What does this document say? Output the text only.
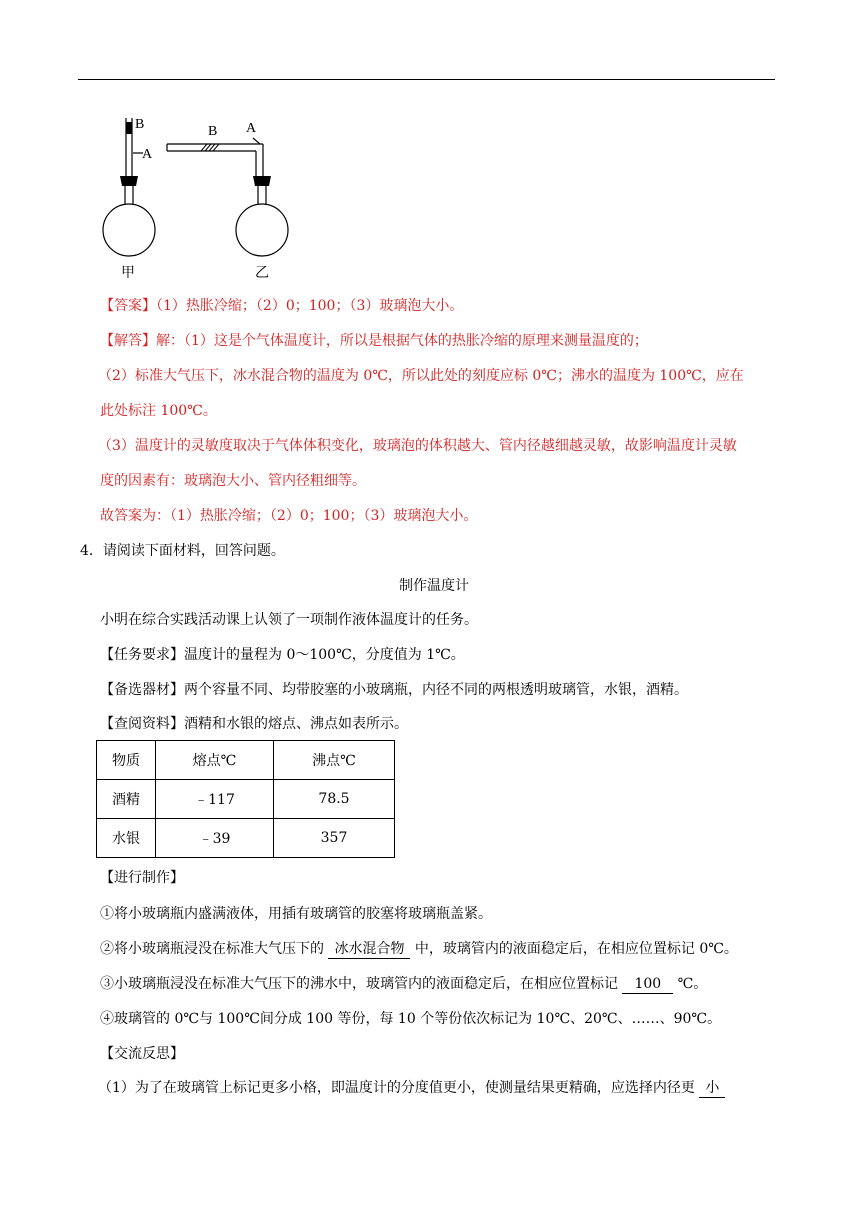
B
A
B A
甲	乙
【答案】（1）热胀冷缩；（2）0；100；（3）玻璃泡大小。
【解答】解：（1）这是个气体温度计，所以是根据气体的热胀冷缩的原理来测量温度的；
（2）标准大气压下，冰水混合物的温度为 0℃，所以此处的刻度应标 0℃；沸水的温度为 100℃，应在
此处标注 100℃。
（3）温度计的灵敏度取决于气体体积变化，玻璃泡的体积越大、管内径越细越灵敏，故影响温度计灵敏
度的因素有：玻璃泡大小、管内径粗细等。
故答案为：（1）热胀冷缩；（2）0；100；（3）玻璃泡大小。
4．请阅读下面材料，回答问题。
制作温度计
小明在综合实践活动课上认领了一项制作液体温度计的任务。
【任务要求】温度计的量程为 0～100℃，分度值为 1℃。
【备选器材】两个容量不同、均带胶塞的小玻璃瓶，内径不同的两根透明玻璃管，水银，酒精。
【查阅资料】酒精和水银的熔点、沸点如表所示。
物质	熔点℃	沸点℃
酒精	﹣117	78.5
水银	﹣39	357
【进行制作】
①将小玻璃瓶内盛满液体，用插有玻璃管的胶塞将玻璃瓶盖紧。
②将小玻璃瓶浸没在标准大气压下的 冰水混合物 中，玻璃管内的液面稳定后，在相应位置标记 0℃。
③小玻璃瓶浸没在标准大气压下的沸水中，玻璃管内的液面稳定后，在相应位置标记 100 ℃。
④玻璃管的 0℃与 100℃间分成 100 等份，每 10 个等份依次标记为 10℃、20℃、……、90℃。
【交流反思】
（1）为了在玻璃管上标记更多小格，即温度计的分度值更小，使测量结果更精确，应选择内径更 小
